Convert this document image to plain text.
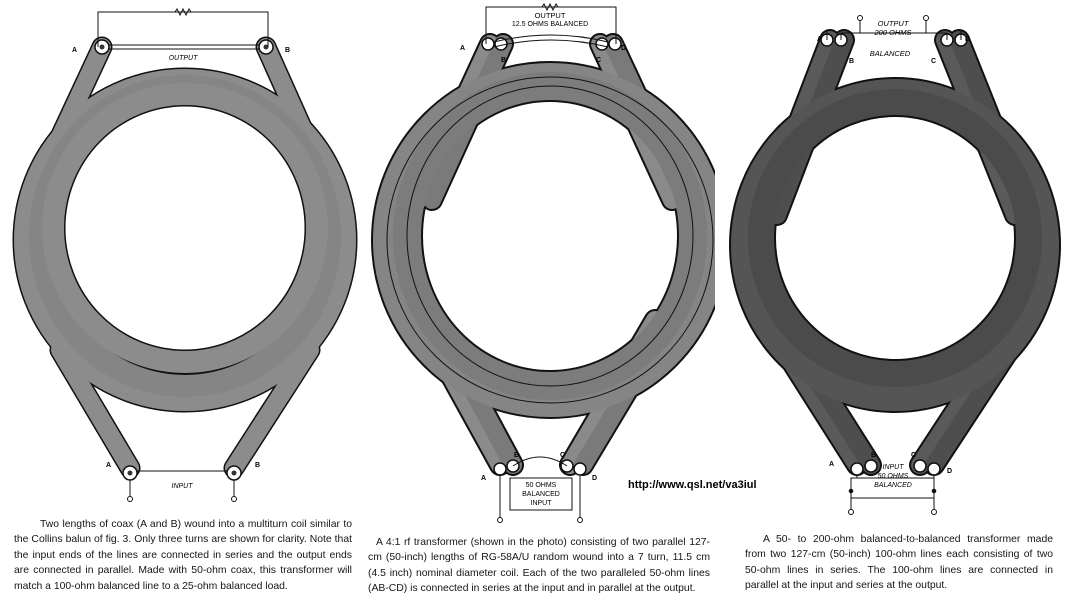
A	B
A	B
OUTPUT
INPUT

Two lengths of coax (A and B) wound into a multiturn coil similar to the Collins balun of fig. 3. Only three turns are shown for clarity. Note that the input ends of the lines are connected in series and the output ends are connected in parallel. Made with 50-ohm coax, this transformer will match a 100-ohm balanced line to a 25-ohm balanced load.

OUTPUT
12.5 OHMS BALANCED
A
B	C
D
A
B	C
D
50 OHMS
BALANCED
INPUT

A 4:1 rf transformer (shown in the photo) consisting of two parallel 127-cm (50-inch) lengths of RG-58A/U random wound into a 7 turn, 11.5 cm (4.5 inch) nominal diameter coil. Each of the two paralleled 50-ohm lines (AB-CD) is connected in series at the input and in parallel at the output.

OUTPUT
200 OHMS
BALANCED
A
B	C
D
A
B	C
D
INPUT
50 OHMS
BALANCED

A 50- to 200-ohm balanced-to-balanced transformer made from two 127-cm (50-inch) 100-ohm lines each consisting of two 50-ohm lines in series. The 100-ohm lines are connected in parallel at the input and series at the output.

http://www.qsl.net/va3iul
